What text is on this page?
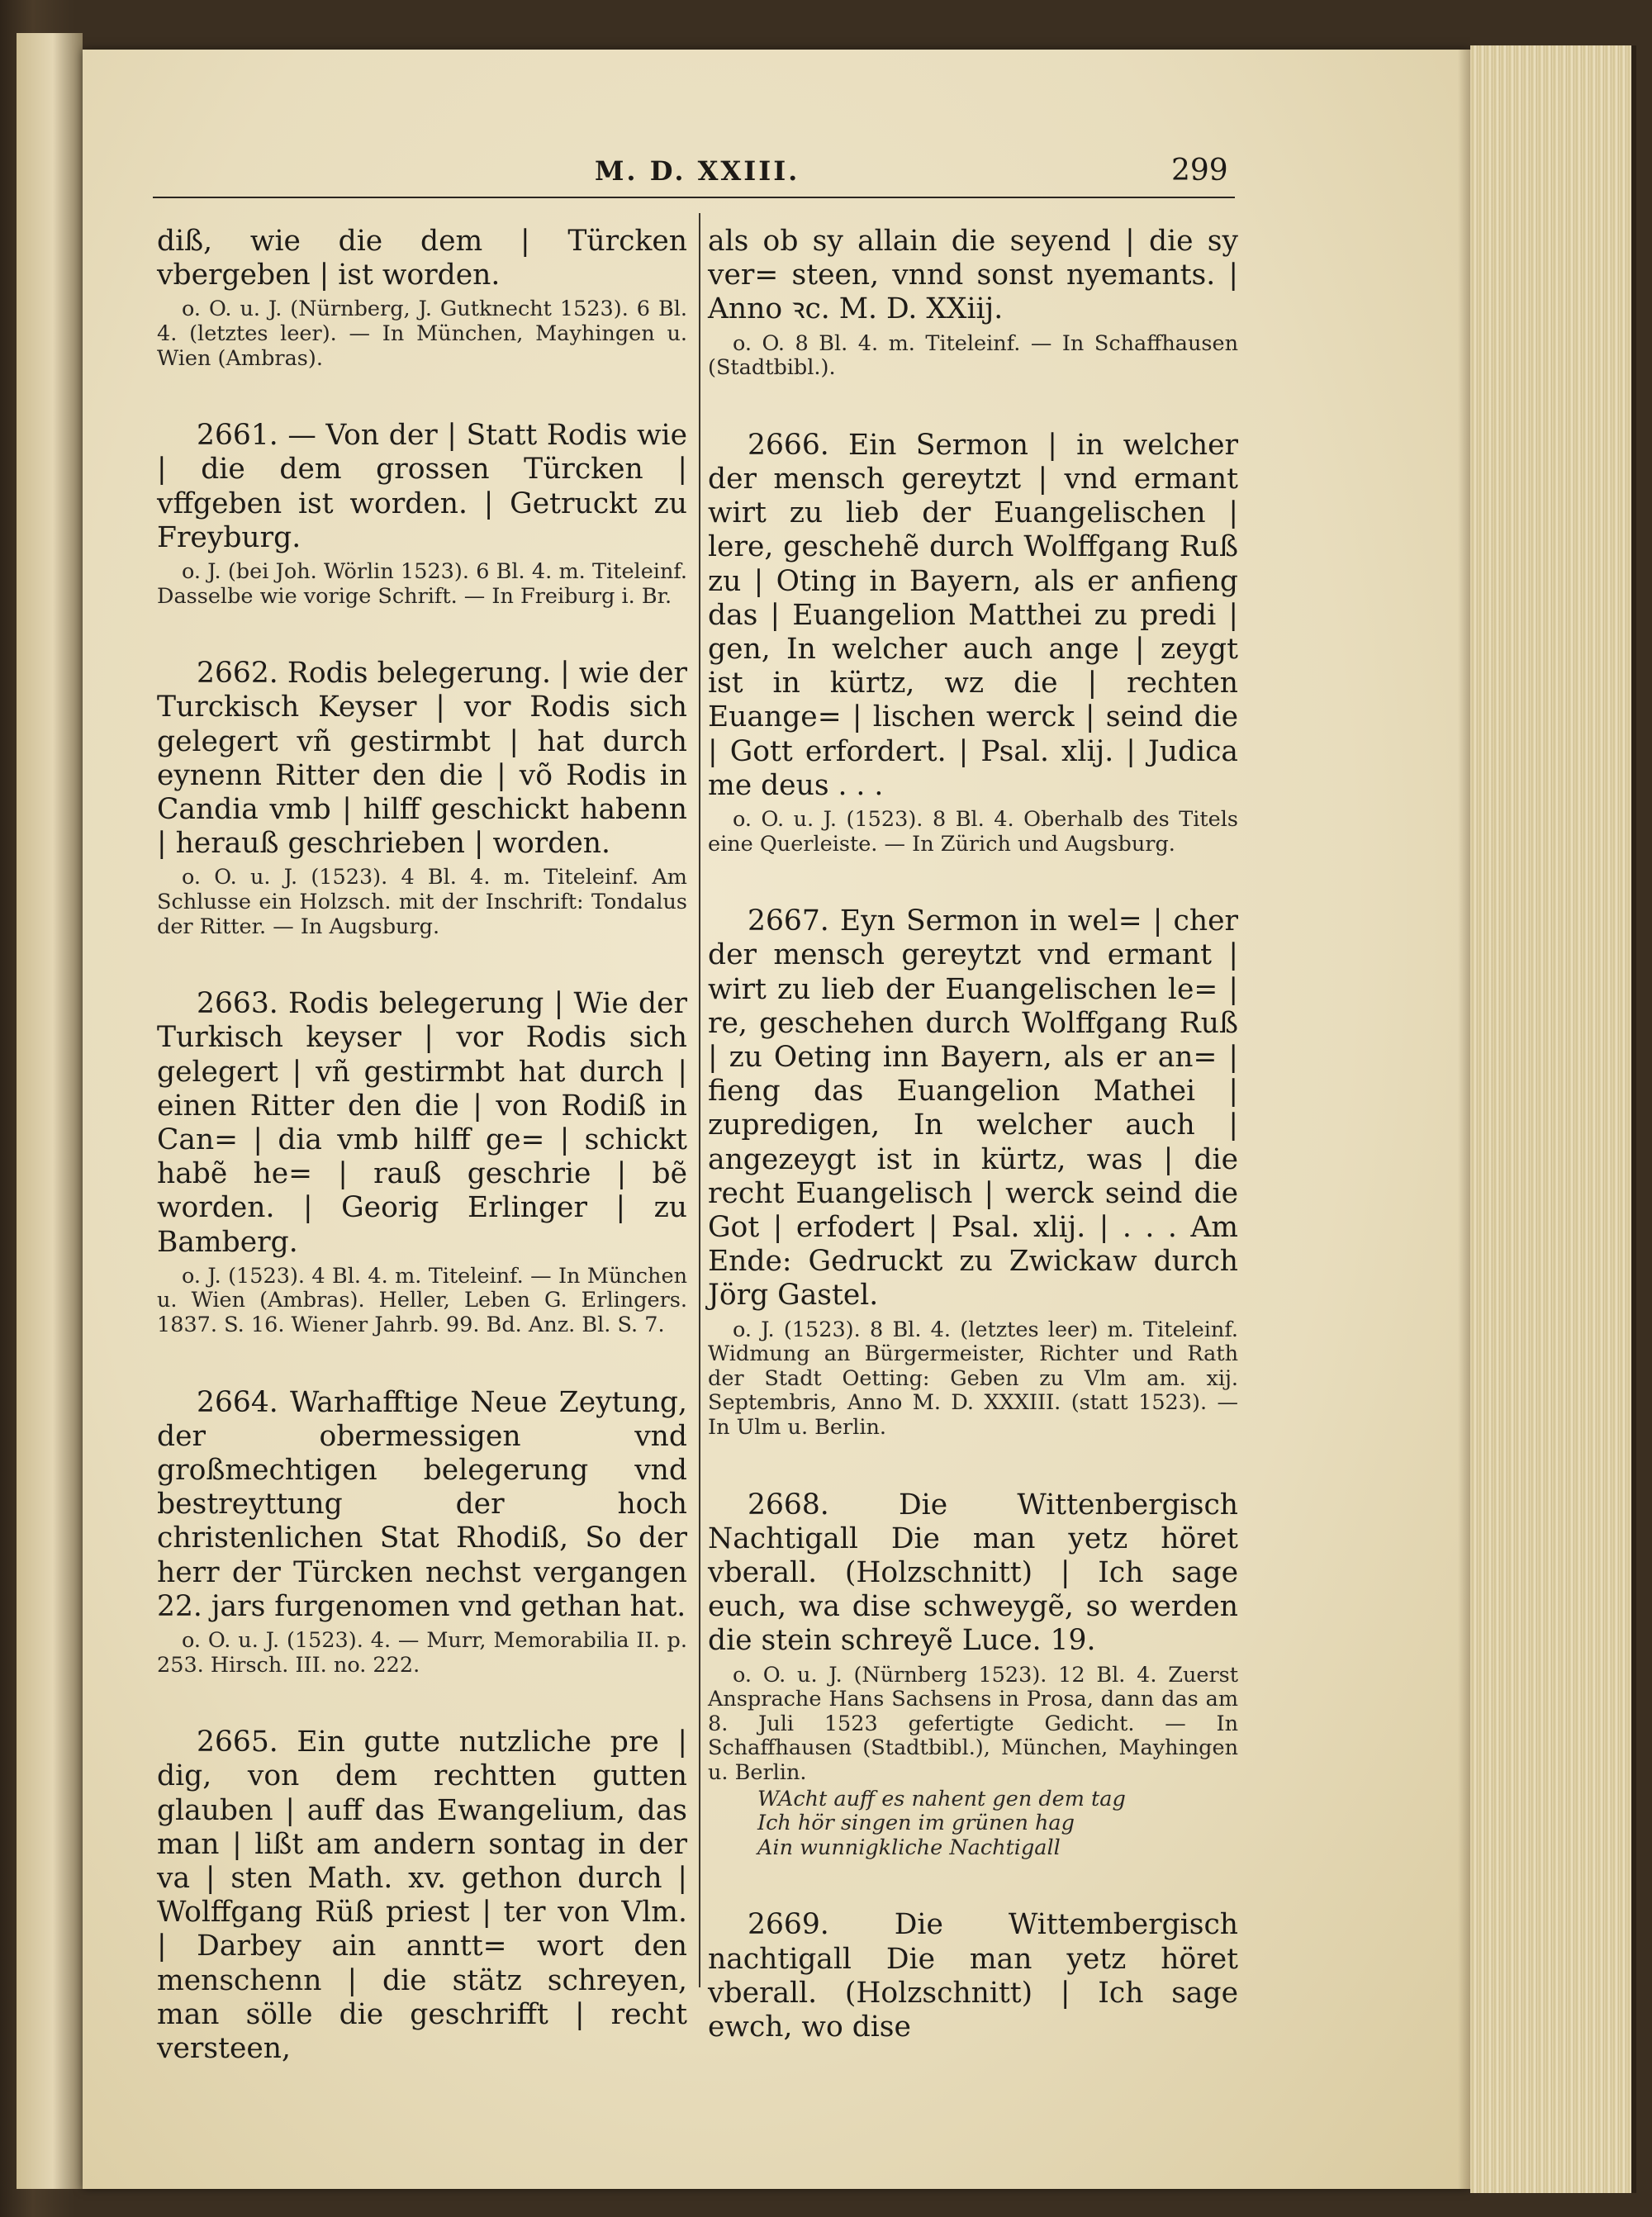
M. D. XXIII.	299

diß, wie die dem | Türcken vbergeben | ist worden.

o. O. u. J. (Nürnberg, J. Gutknecht 1523). 6 Bl. 4. (letztes leer). — In München, Mayhingen u. Wien (Ambras).

2661. — Von der | Statt Rodis wie | die dem grossen Türcken | vffgeben ist worden. | Getruckt zu Freyburg.

o. J. (bei Joh. Wörlin 1523). 6 Bl. 4. m. Titeleinf. Dasselbe wie vorige Schrift. — In Freiburg i. Br.

2662. Rodis belegerung. | wie der Turckisch Keyser | vor Rodis sich gelegert vñ gestirmbt | hat durch eynenn Ritter den die | võ Rodis in Candia vmb | hilff geschickt habenn | herauß geschrieben | worden.

o. O. u. J. (1523). 4 Bl. 4. m. Titeleinf. Am Schlusse ein Holzsch. mit der Inschrift: Tondalus der Ritter. — In Augsburg.

2663. Rodis belegerung | Wie der Turkisch keyser | vor Rodis sich gelegert | vñ gestirmbt hat durch | einen Ritter den die | von Rodiß in Can= | dia vmb hilff ge= | schickt habẽ he= | rauß geschrie | bẽ worden. | Georig Erlinger | zu Bamberg.

o. J. (1523). 4 Bl. 4. m. Titeleinf. — In München u. Wien (Ambras). Heller, Leben G. Erlingers. 1837. S. 16. Wiener Jahrb. 99. Bd. Anz. Bl. S. 7.

2664. Warhafftige Neue Zeytung, der obermessigen vnd großmechtigen belegerung vnd bestreyttung der hoch christenlichen Stat Rhodiß, So der herr der Türcken nechst vergangen 22. jars furgenomen vnd gethan hat.

o. O. u. J. (1523). 4. — Murr, Memorabilia II. p. 253. Hirsch. III. no. 222.

2665. Ein gutte nutzliche pre | dig, von dem rechtten gutten glauben | auff das Ewangelium, das man | lißt am andern sontag in der va | sten Math. xv. gethon durch | Wolffgang Rüß priest | ter von Vlm. | Darbey ain anntt= wort den menschenn | die stätz schreyen, man sölle die geschrifft | recht versteen,

als ob sy allain die seyend | die sy ver= steen, vnnd sonst nyemants. | Anno ꝛc. M. D. XXiij.

o. O. 8 Bl. 4. m. Titeleinf. — In Schaffhausen (Stadtbibl.).

2666. Ein Sermon | in welcher der mensch gereytzt | vnd ermant wirt zu lieb der Euangelischen | lere, geschehẽ durch Wolffgang Ruß zu | Oting in Bayern, als er anfieng das | Euangelion Matthei zu predi | gen, In welcher auch ange | zeygt ist in kürtz, wz die | rechten Euange= | lischen werck | seind die | Gott erfordert. | Psal. xlij. | Judica me deus . . .

o. O. u. J. (1523). 8 Bl. 4. Oberhalb des Titels eine Querleiste. — In Zürich und Augsburg.

2667. Eyn Sermon in wel= | cher der mensch gereytzt vnd ermant | wirt zu lieb der Euangelischen le= | re, geschehen durch Wolffgang Ruß | zu Oeting inn Bayern, als er an= | fieng das Euangelion Mathei | zupredigen, In welcher auch | angezeygt ist in kürtz, was | die recht Euangelisch | werck seind die Got | erfodert | Psal. xlij. | . . . Am Ende: Gedruckt zu Zwickaw durch Jörg Gastel.

o. J. (1523). 8 Bl. 4. (letztes leer) m. Titeleinf. Widmung an Bürgermeister, Richter und Rath der Stadt Oetting: Geben zu Vlm am. xij. Septembris, Anno M. D. XXXIII. (statt 1523). — In Ulm u. Berlin.

2668. Die Wittenbergisch Nachtigall Die man yetz höret vberall. (Holzschnitt) | Ich sage euch, wa dise schweygẽ, so werden die stein schreyẽ Luce. 19.

o. O. u. J. (Nürnberg 1523). 12 Bl. 4. Zuerst Ansprache Hans Sachsens in Prosa, dann das am 8. Juli 1523 gefertigte Gedicht. — In Schaffhausen (Stadtbibl.), München, Mayhingen u. Berlin.

WAcht auff es nahent gen dem tag
Ich hör singen im grünen hag
Ain wunnigkliche Nachtigall

2669. Die Wittembergisch nachtigall Die man yetz höret vberall. (Holzschnitt) | Ich sage ewch, wo dise
